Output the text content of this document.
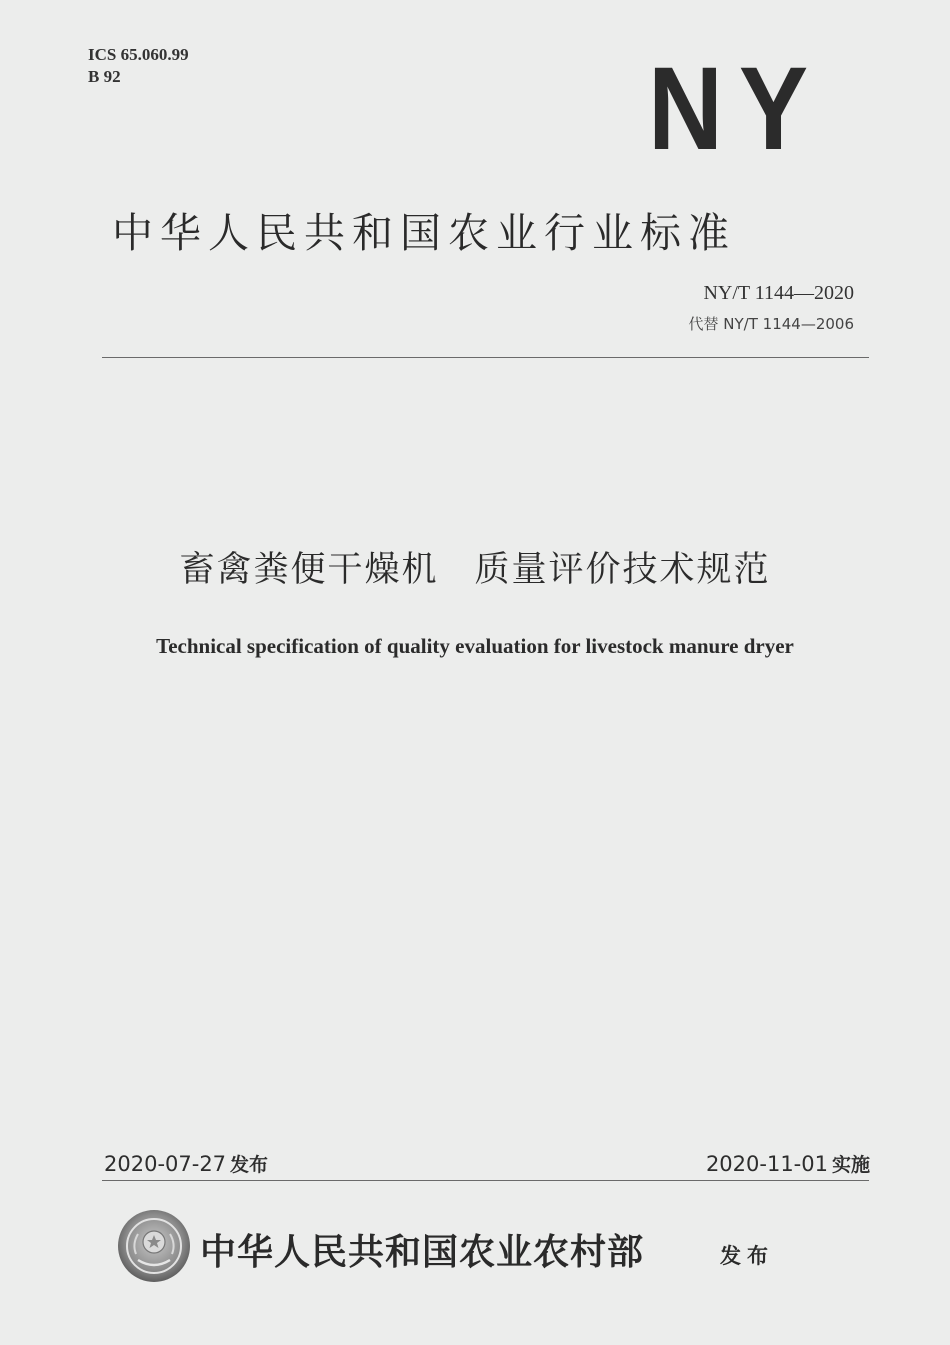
ICS 65.060.99
B 92	NY
中华人民共和国农业行业标准
NY/T 1144—2020
代替 NY/T 1144—2006
畜禽粪便干燥机 质量评价技术规范
Technical specification of quality evaluation for livestock manure dryer
2020-07-27 发布	2020-11-01 实施
中华人民共和国农业农村部	发布
